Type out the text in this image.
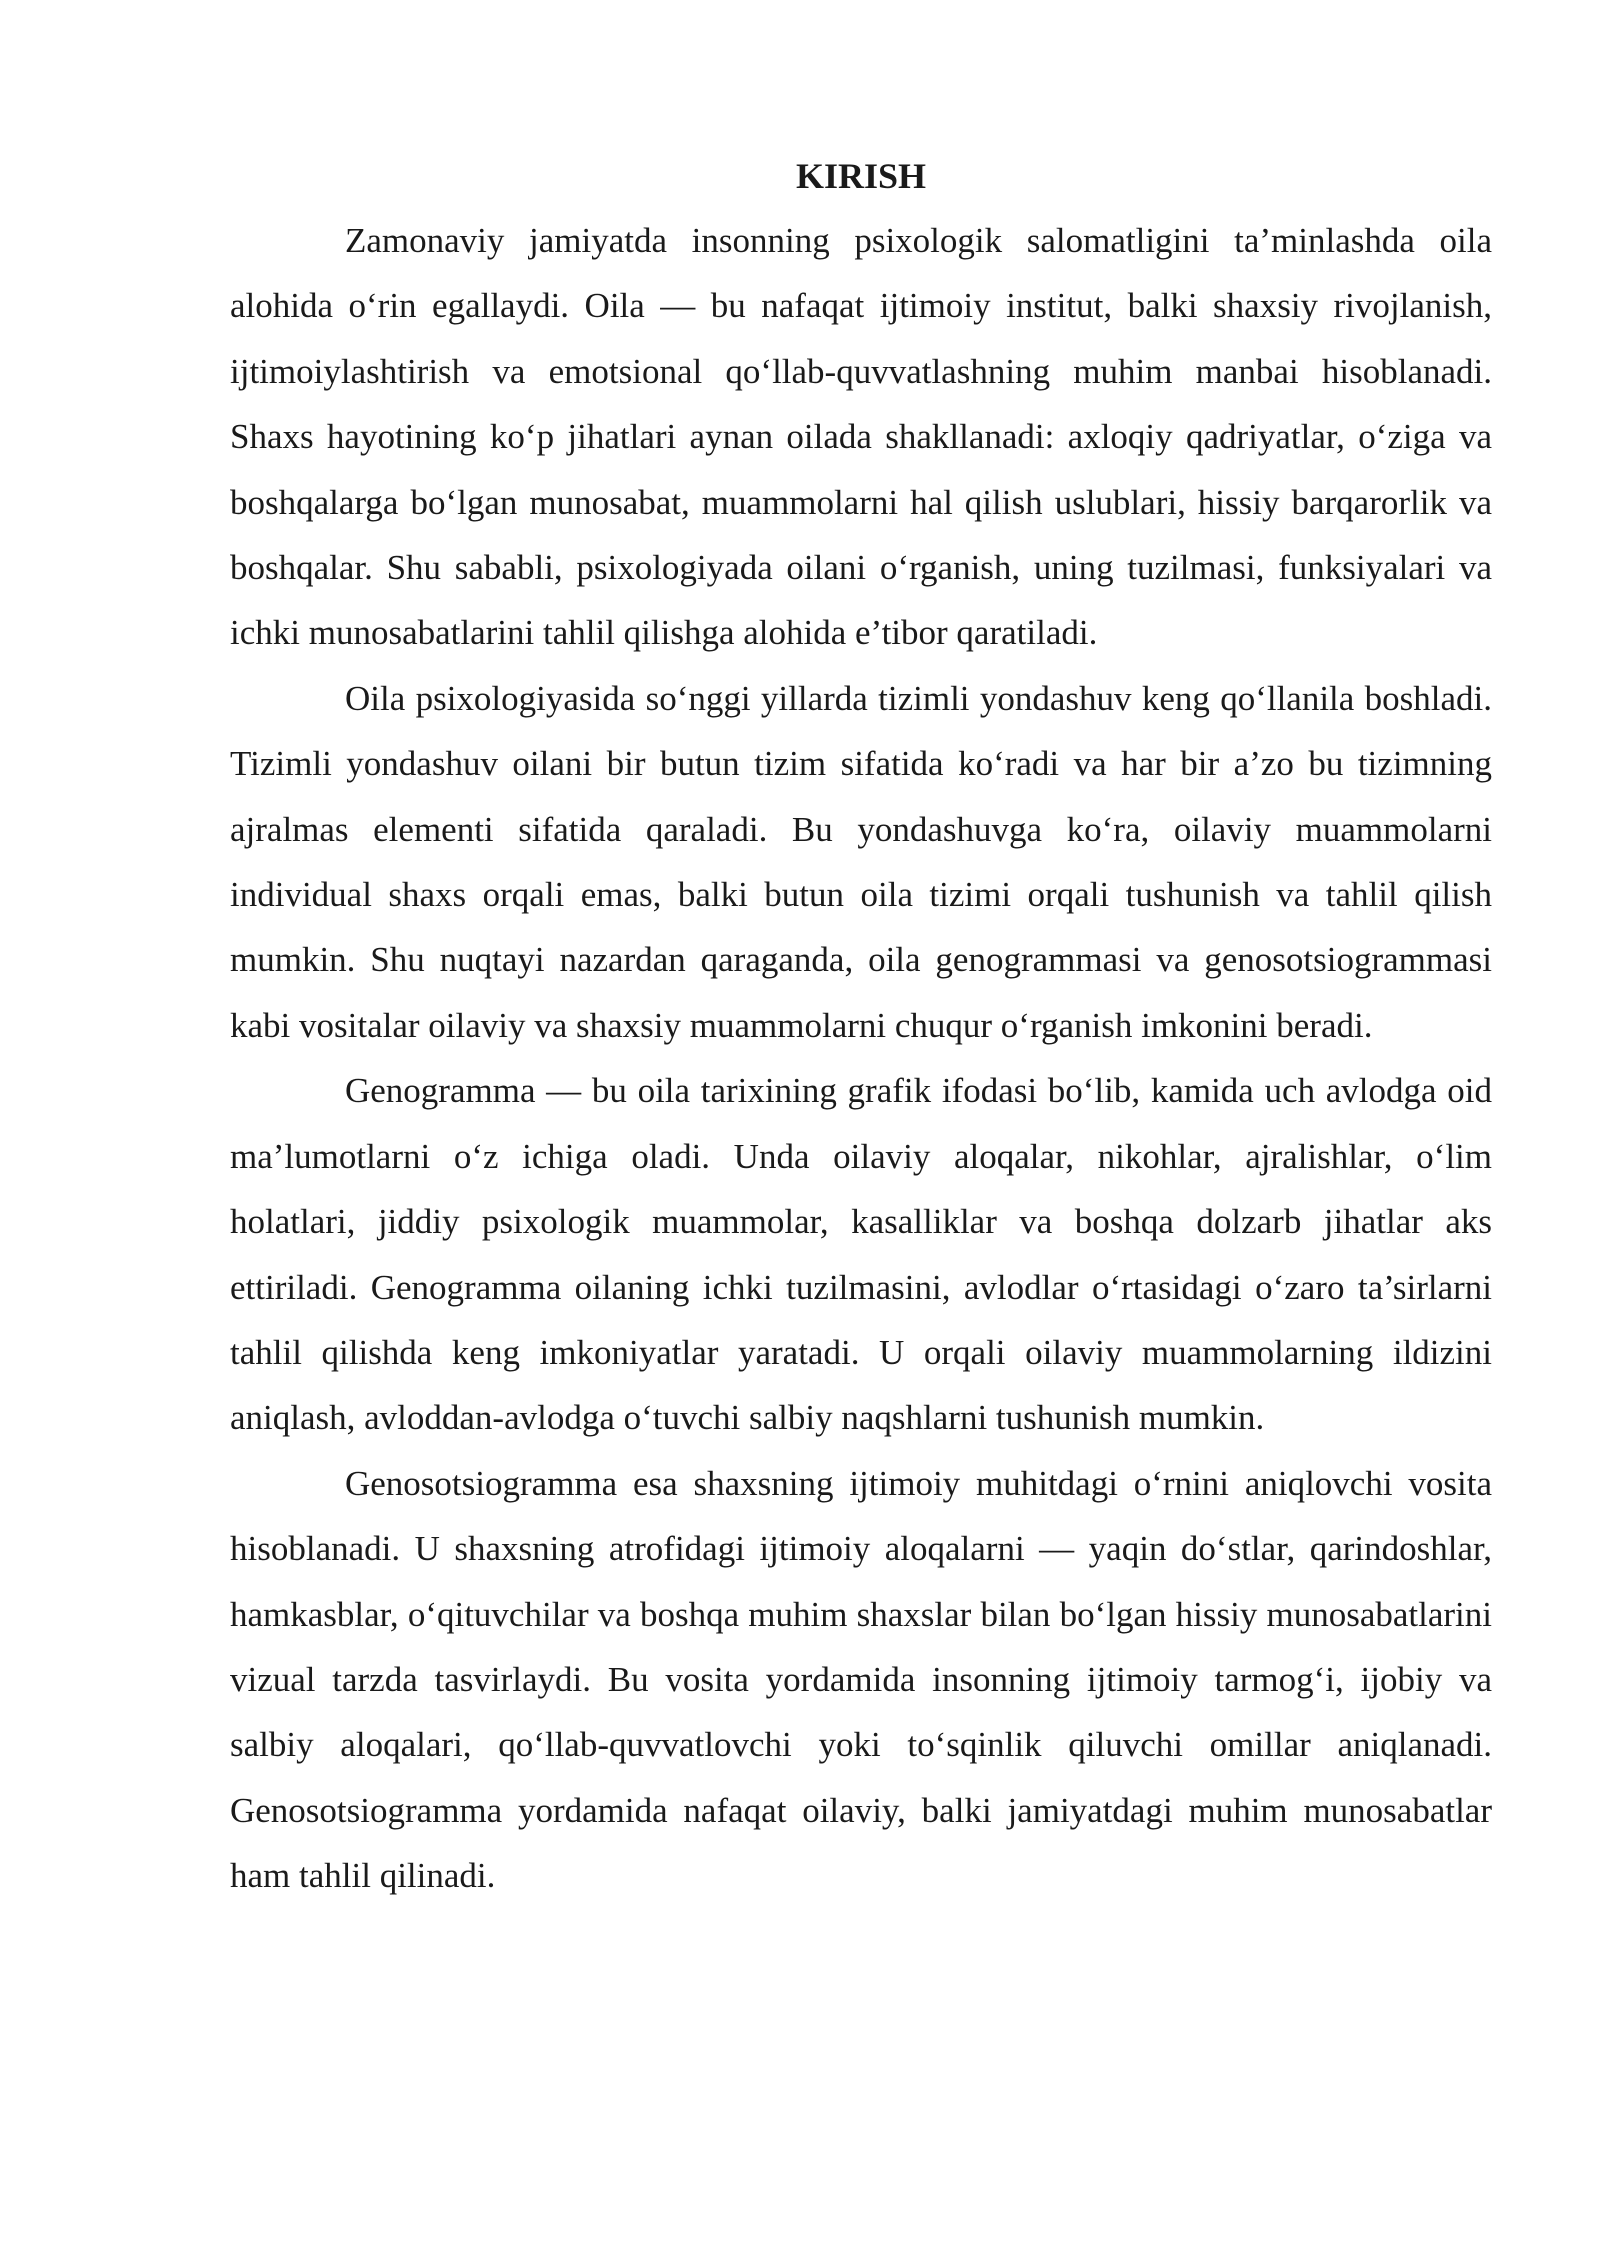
KIRISH

Zamonaviy jamiyatda insonning psixologik salomatligini ta’minlashda oila alohida o‘rin egallaydi. Oila — bu nafaqat ijtimoiy institut, balki shaxsiy rivojlanish, ijtimoiylashtirish va emotsional qo‘llab-quvvatlashning muhim manbai hisoblanadi. Shaxs hayotining ko‘p jihatlari aynan oilada shakllanadi: axloqiy qadriyatlar, o‘ziga va boshqalarga bo‘lgan munosabat, muammolarni hal qilish uslublari, hissiy barqarorlik va boshqalar. Shu sababli, psixologiyada oilani o‘rganish, uning tuzilmasi, funksiyalari va ichki munosabatlarini tahlil qilishga alohida e’tibor qaratiladi.

Oila psixologiyasida so‘nggi yillarda tizimli yondashuv keng qo‘llanila boshladi. Tizimli yondashuv oilani bir butun tizim sifatida ko‘radi va har bir a’zo bu tizimning ajralmas elementi sifatida qaraladi. Bu yondashuvga ko‘ra, oilaviy muammolarni individual shaxs orqali emas, balki butun oila tizimi orqali tushunish va tahlil qilish mumkin. Shu nuqtayi nazardan qaraganda, oila genogrammasi va genosotsiogrammasi kabi vositalar oilaviy va shaxsiy muammolarni chuqur o‘rganish imkonini beradi.

Genogramma — bu oila tarixining grafik ifodasi bo‘lib, kamida uch avlodga oid ma’lumotlarni o‘z ichiga oladi. Unda oilaviy aloqalar, nikohlar, ajralishlar, o‘lim holatlari, jiddiy psixologik muammolar, kasalliklar va boshqa dolzarb jihatlar aks ettiriladi. Genogramma oilaning ichki tuzilmasini, avlodlar o‘rtasidagi o‘zaro ta’sirlarni tahlil qilishda keng imkoniyatlar yaratadi. U orqali oilaviy muammolarning ildizini aniqlash, avloddan-avlodga o‘tuvchi salbiy naqshlarni tushunish mumkin.

Genosotsiogramma esa shaxsning ijtimoiy muhitdagi o‘rnini aniqlovchi vosita hisoblanadi. U shaxsning atrofidagi ijtimoiy aloqalarni — yaqin do‘stlar, qarindoshlar, hamkasblar, o‘qituvchilar va boshqa muhim shaxslar bilan bo‘lgan hissiy munosabatlarini vizual tarzda tasvirlaydi. Bu vosita yordamida insonning ijtimoiy tarmog‘i, ijobiy va salbiy aloqalari, qo‘llab-quvvatlovchi yoki to‘sqinlik qiluvchi omillar aniqlanadi. Genosotsiogramma yordamida nafaqat oilaviy, balki jamiyatdagi muhim munosabatlar ham tahlil qilinadi.
